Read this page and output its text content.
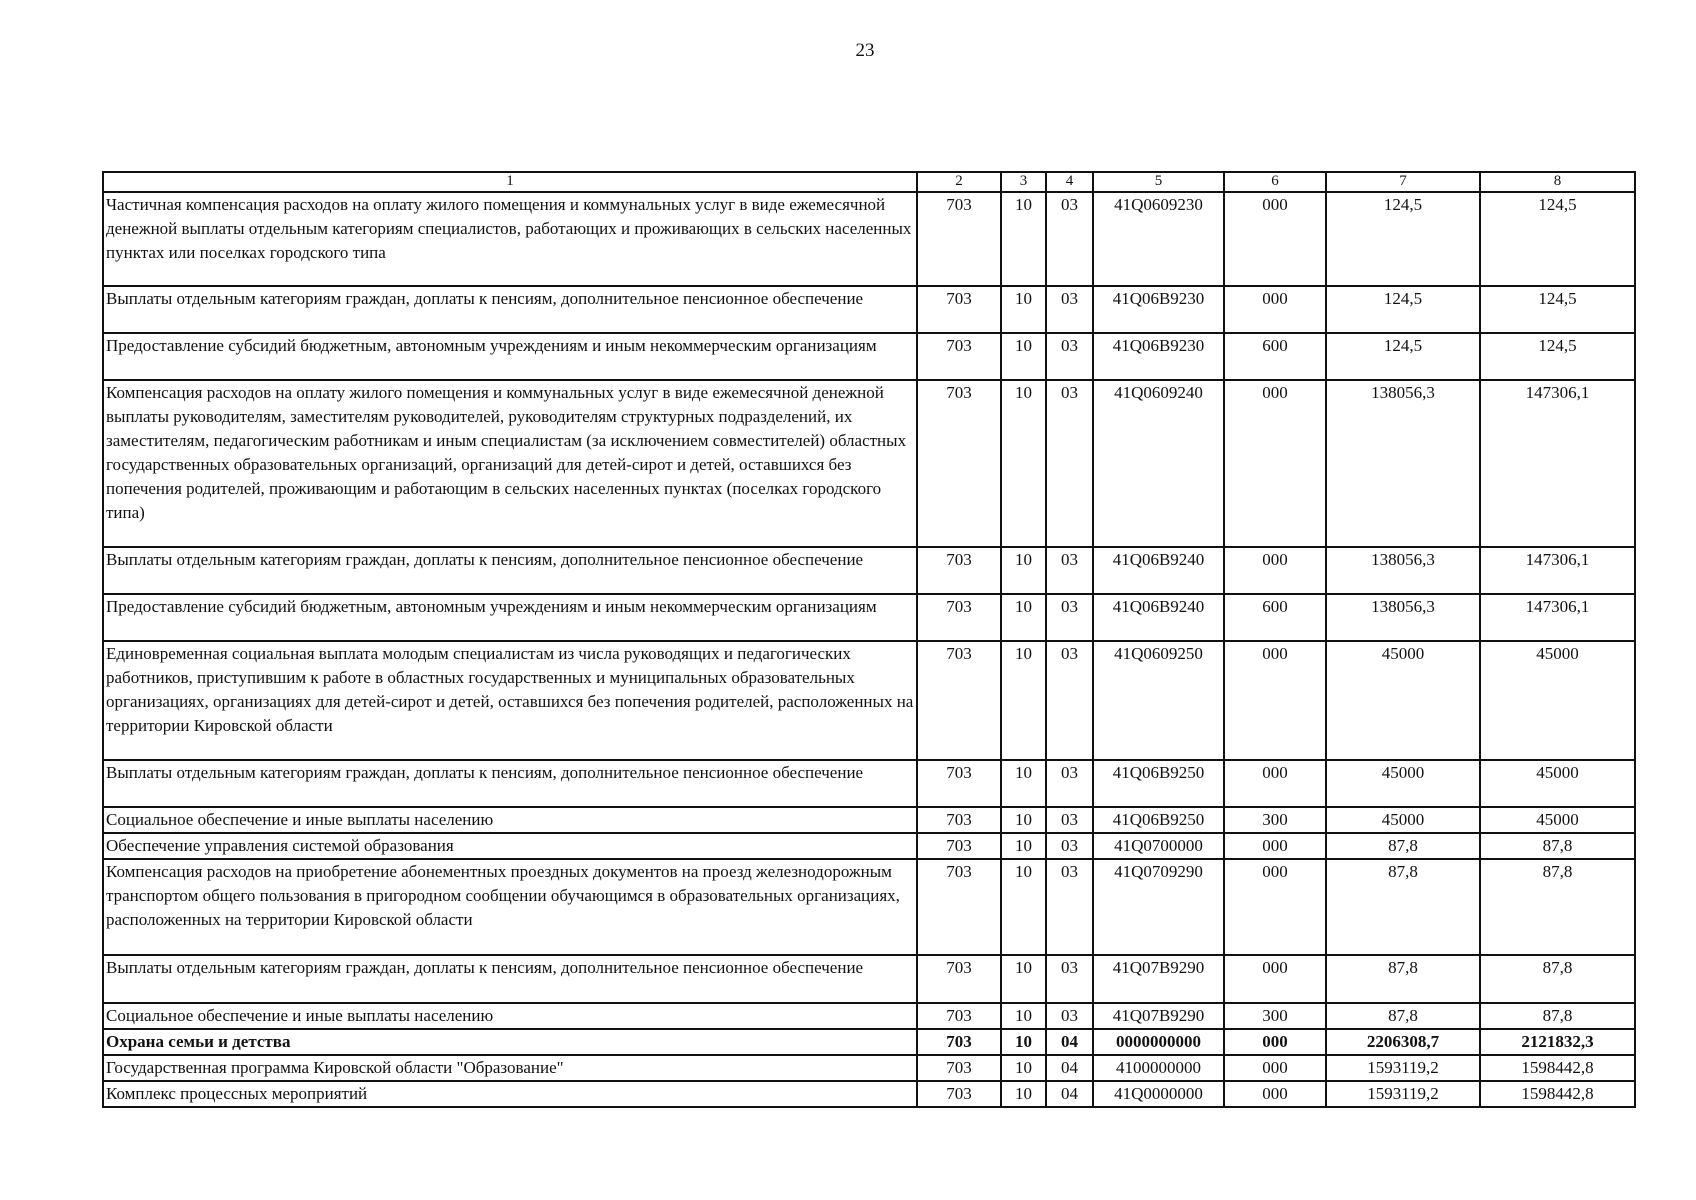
23
1	2	3	4	5	6	7	8
Частичная компенсация расходов на оплату жилого помещения и коммунальных услуг в виде ежемесячной денежной выплаты отдельным категориям специалистов, работающих и проживающих в сельских населенных пунктах или поселках городского типа	703	10	03	41Q0609230	000	124,5	124,5
Выплаты отдельным категориям граждан, доплаты к пенсиям, дополнительное пенсионное обеспечение	703	10	03	41Q06B9230	000	124,5	124,5
Предоставление субсидий бюджетным, автономным учреждениям и иным некоммерческим организациям	703	10	03	41Q06B9230	600	124,5	124,5
Компенсация расходов на оплату жилого помещения и коммунальных услуг в виде ежемесячной денежной выплаты руководителям, заместителям руководителей, руководителям структурных подразделений, их заместителям, педагогическим работникам и иным специалистам (за исключением совместителей) областных государственных образовательных организаций, организаций для детей-сирот и детей, оставшихся без попечения родителей, проживающим и работающим в сельских населенных пунктах (поселках городского типа)	703	10	03	41Q0609240	000	138056,3	147306,1
Выплаты отдельным категориям граждан, доплаты к пенсиям, дополнительное пенсионное обеспечение	703	10	03	41Q06B9240	000	138056,3	147306,1
Предоставление субсидий бюджетным, автономным учреждениям и иным некоммерческим организациям	703	10	03	41Q06B9240	600	138056,3	147306,1
Единовременная социальная выплата молодым специалистам из числа руководящих и педагогических работников, приступившим к работе в областных государственных и муниципальных образовательных организациях, организациях для детей-сирот и детей, оставшихся без попечения родителей, расположенных на территории Кировской области	703	10	03	41Q0609250	000	45000	45000
Выплаты отдельным категориям граждан, доплаты к пенсиям, дополнительное пенсионное обеспечение	703	10	03	41Q06B9250	000	45000	45000
Социальное обеспечение и иные выплаты населению	703	10	03	41Q06B9250	300	45000	45000
Обеспечение управления системой образования	703	10	03	41Q0700000	000	87,8	87,8
Компенсация расходов на приобретение абонементных проездных документов на проезд железнодорожным транспортом общего пользования в пригородном сообщении обучающимся в образовательных организациях, расположенных на территории Кировской области	703	10	03	41Q0709290	000	87,8	87,8
Выплаты отдельным категориям граждан, доплаты к пенсиям, дополнительное пенсионное обеспечение	703	10	03	41Q07B9290	000	87,8	87,8
Социальное обеспечение и иные выплаты населению	703	10	03	41Q07B9290	300	87,8	87,8
Охрана семьи и детства	703	10	04	0000000000	000	2206308,7	2121832,3
Государственная программа Кировской области "Образование"	703	10	04	4100000000	000	1593119,2	1598442,8
Комплекс процессных мероприятий	703	10	04	41Q0000000	000	1593119,2	1598442,8
